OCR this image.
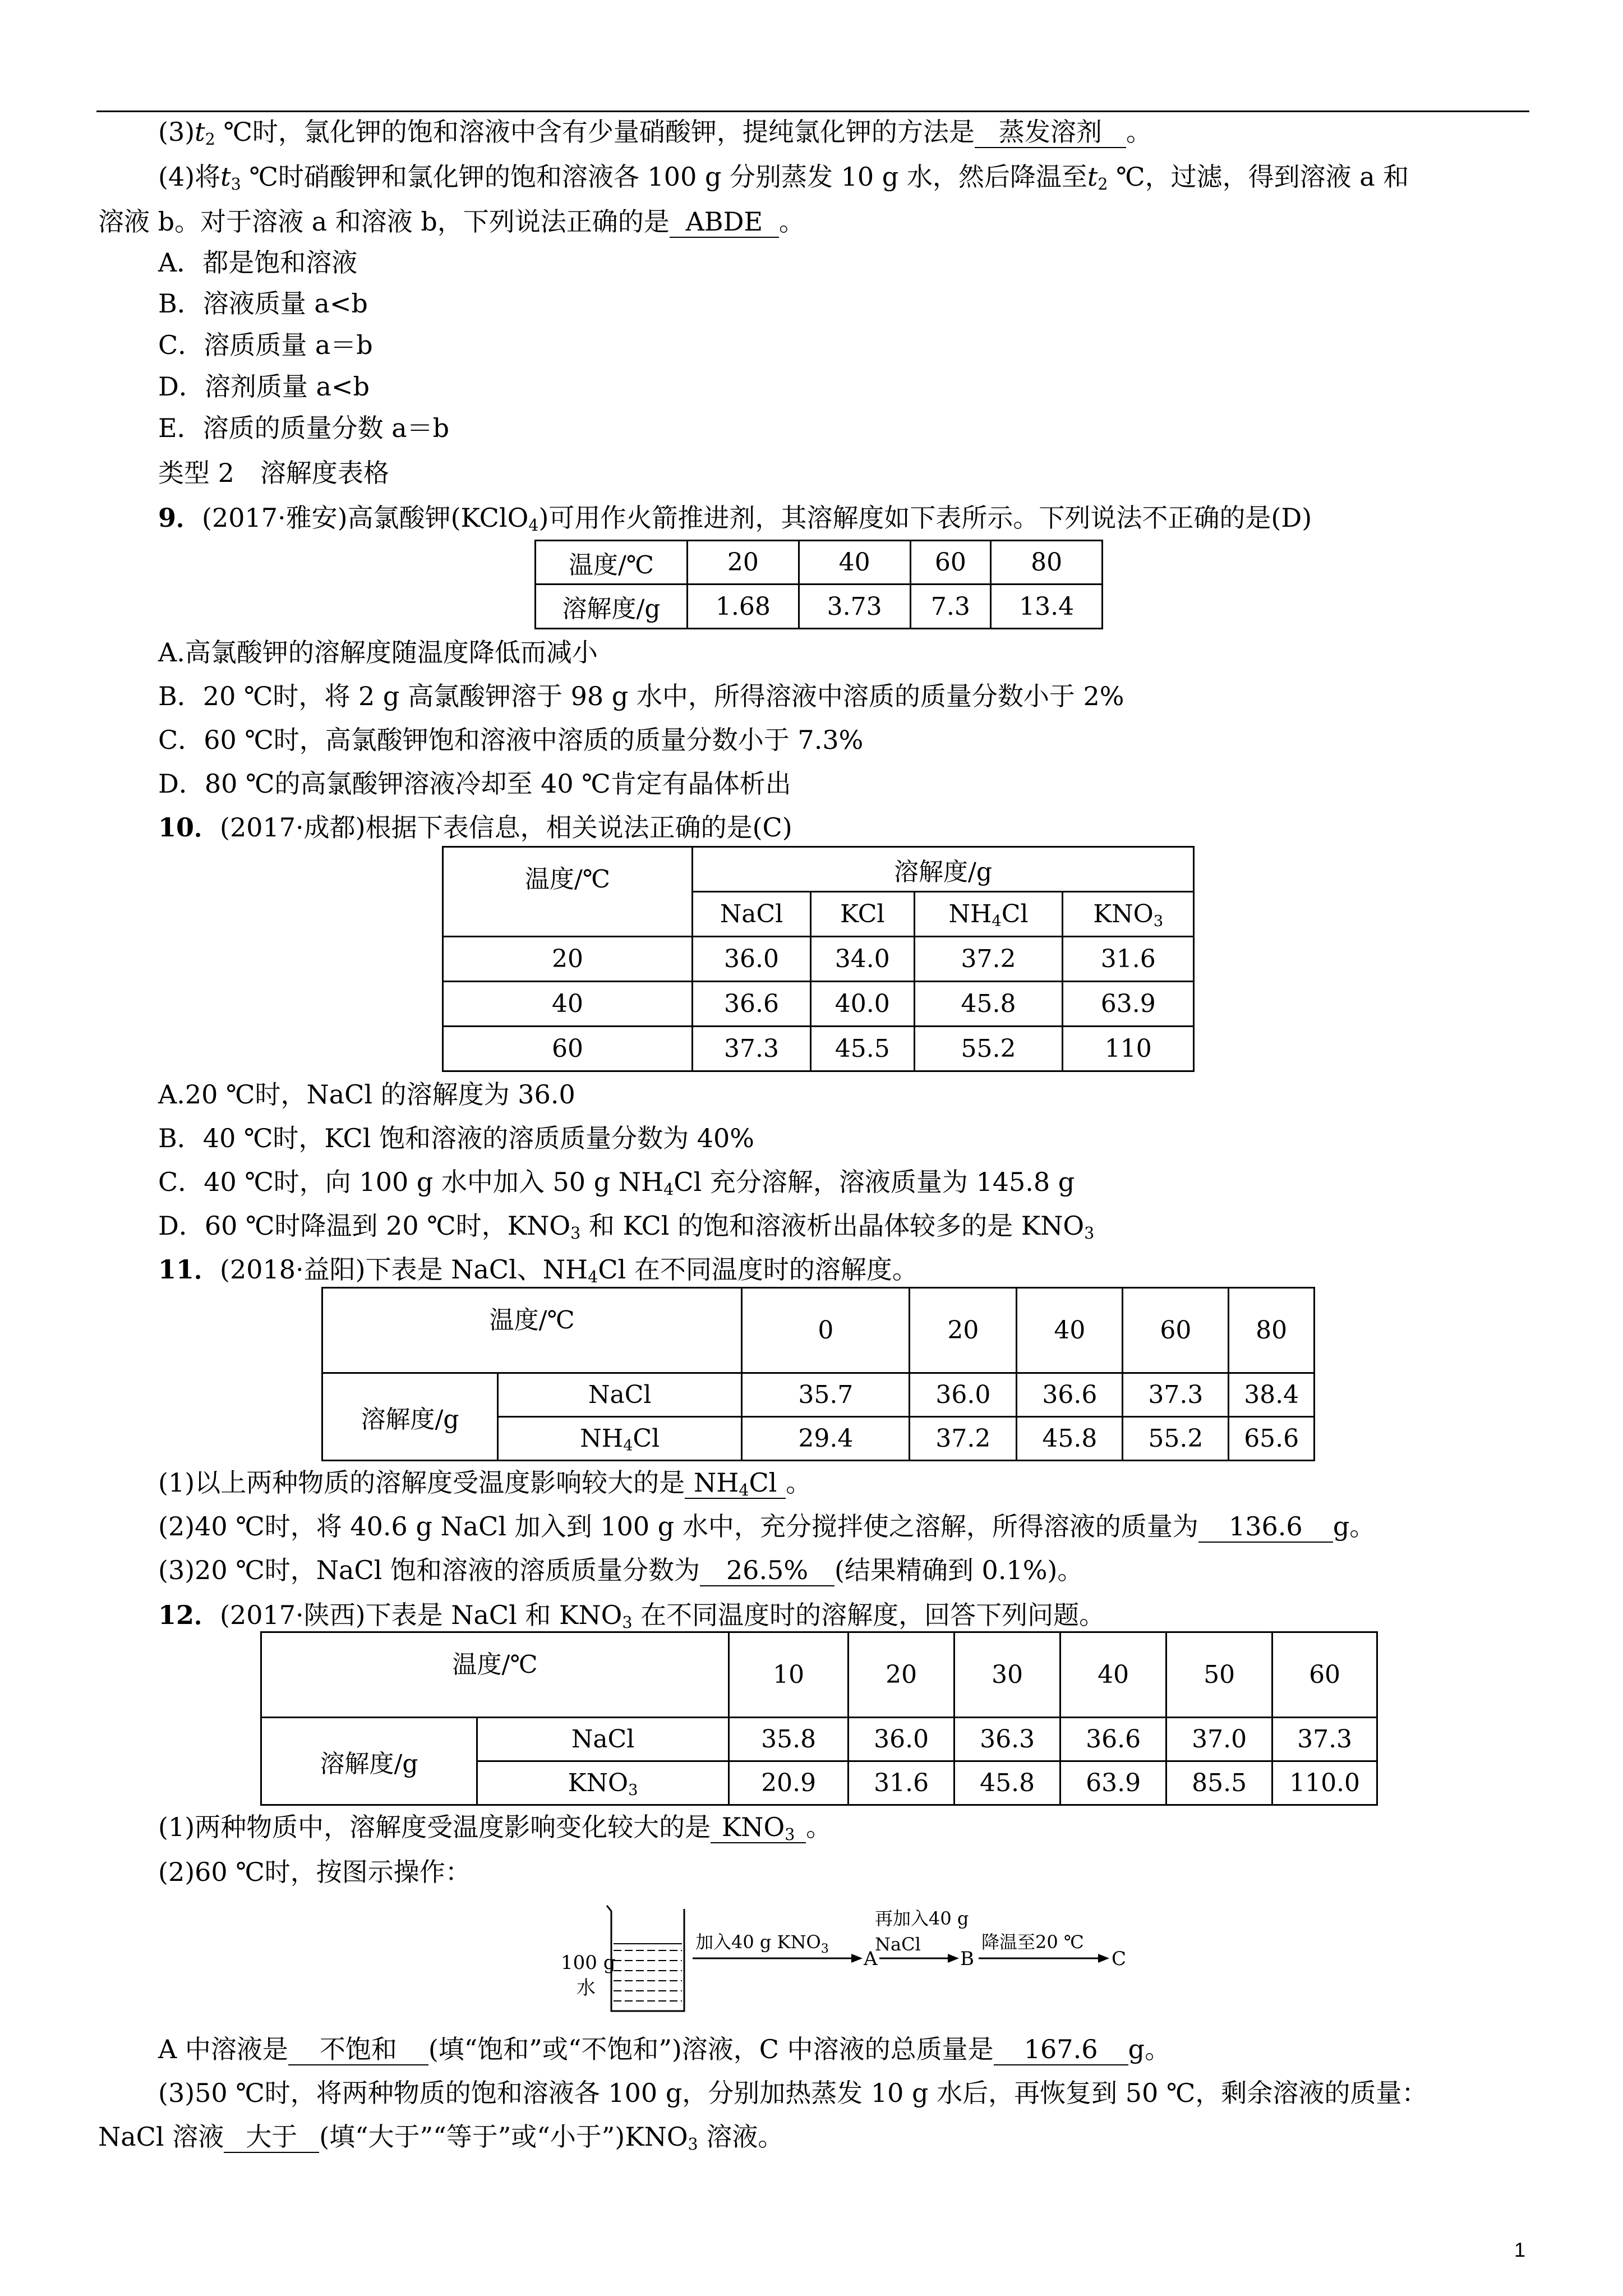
$(3)t_2$ ℃时，氯化钾的饱和溶液中含有少量硝酸钾，提纯氯化钾的方法是 蒸发溶剂 。
(4)将$t_3$ ℃时硝酸钾和氯化钾的饱和溶液各 100 g 分别蒸发 10 g 水，然后降温至$t_2$ ℃，过滤，得到溶液 a 和
溶液 b。对于溶液 a 和溶液 b，下列说法正确的是 ABDE 。
A．都是饱和溶液
B．溶液质量 a<b
C．溶质质量 a＝b
D．溶剂质量 a<b
E．溶质的质量分数 a＝b
类型 2　溶解度表格
9．(2017·雅安)高氯酸钾(KClO$_4$)可用作火箭推进剂，其溶解度如下表所示。下列说法不正确的是(D)
温度/℃	20	40	60	80
溶解度/g	1.68	3.73	7.3	13.4
A.高氯酸钾的溶解度随温度降低而减小
B．20 ℃时，将 2 g 高氯酸钾溶于 98 g 水中，所得溶液中溶质的质量分数小于 2%
C．60 ℃时，高氯酸钾饱和溶液中溶质的质量分数小于 7.3%
D．80 ℃的高氯酸钾溶液冷却至 40 ℃肯定有晶体析出
10．(2017·成都)根据下表信息，相关说法正确的是(C)
温度/℃	溶解度/g			
	NaCl	KCl	$NH_4Cl$	$KNO_3$
20	36.0	34.0	37.2	31.6
40	36.6	40.0	45.8	63.9
60	37.3	45.5	55.2	110
A.20 ℃时，NaCl 的溶解度为 36.0
B．40 ℃时，KCl 饱和溶液的溶质质量分数为 40%
C．40 ℃时，向 100 g 水中加入 50 g $NH_4Cl$ 充分溶解，溶液质量为 145.8 g
D．60 ℃时降温到 20 ℃时，$KNO_3$ 和 KCl 的饱和溶液析出晶体较多的是 $KNO_3$
11．(2018·益阳)下表是 NaCl、$NH_4Cl$ 在不同温度时的溶解度。
温度/℃		0	20	40	60	80
溶解度/g	NaCl	35.7	36.0	36.6	37.3	38.4
	$NH_4Cl$	29.4	37.2	45.8	55.2	65.6
(1)以上两种物质的溶解度受温度影响较大的是 $NH_4Cl$ 。
(2)40 ℃时，将 40.6 g NaCl 加入到 100 g 水中，充分搅拌使之溶解，所得溶液的质量为 136.6 g。
(3)20 ℃时，NaCl 饱和溶液的溶质质量分数为 26.5% (结果精确到 0.1%)。
12．(2017·陕西)下表是 NaCl 和 $KNO_3$ 在不同温度时的溶解度，回答下列问题。
温度/℃		10	20	30	40	50	60
溶解度/g	NaCl	35.8	36.0	36.3	36.6	37.0	37.3
	$KNO_3$	20.9	31.6	45.8	63.9	85.5	110.0
(1)两种物质中，溶解度受温度影响变化较大的是 $KNO_3$ 。
(2)60 ℃时，按图示操作：
100 g
水
加入40 g $KNO_3$ A
再加入40 g
NaCl
B
降温至20 ℃
C
A 中溶液是 不饱和 (填“饱和”或“不饱和”)溶液，C 中溶液的总质量是 167.6 g。
(3)50 ℃时，将两种物质的饱和溶液各 100 g，分别加热蒸发 10 g 水后，再恢复到 50 ℃，剩余溶液的质量：
NaCl 溶液 大于 (填“大于”“等于”或“小于$”)KNO_3$ 溶液。
1
